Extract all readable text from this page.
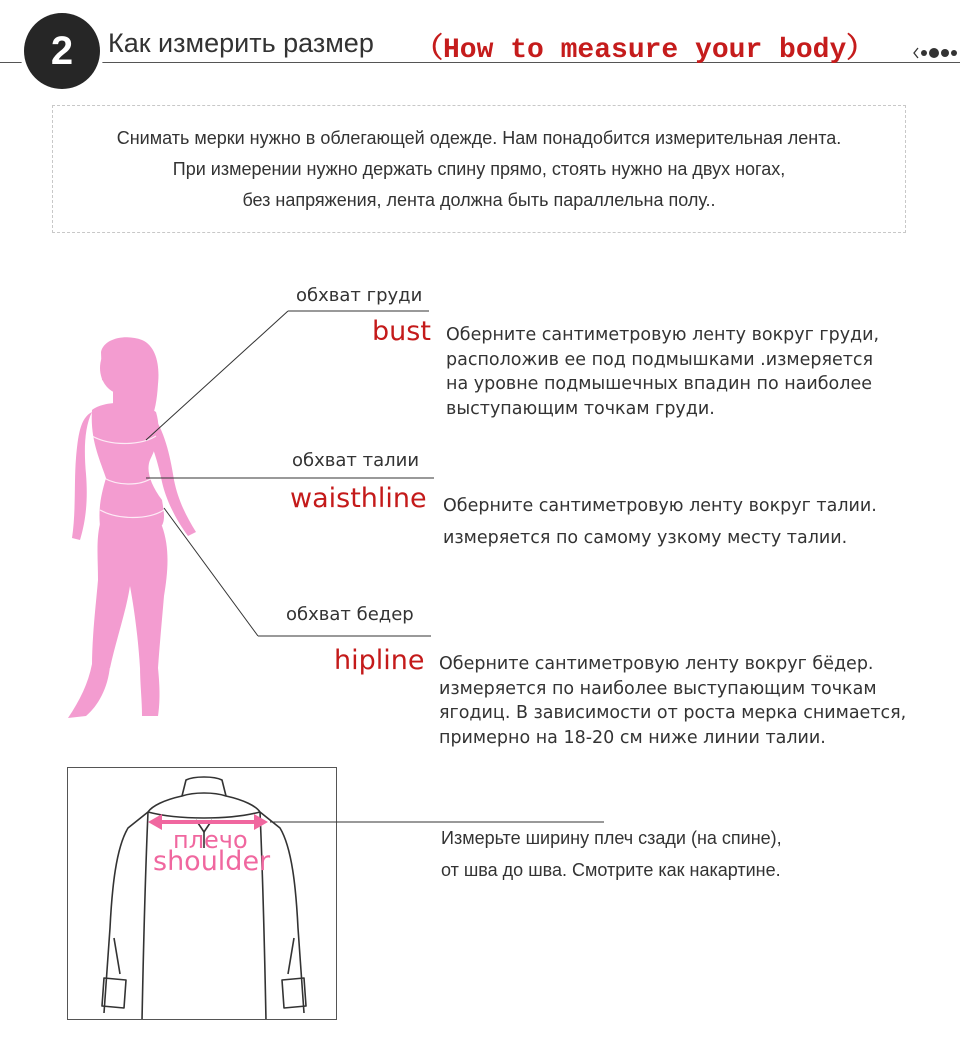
2	Как измерить размер （How to measure your body）
Снимать мерки нужно в облегающей одежде. Нам понадобится измерительная лента.
При измерении нужно держать спину прямо, стоять нужно на двух ногах,
без напряжения, лента должна быть параллельна полу..
обхват груди
bust Оберните сантиметровую ленту вокруг груди,
расположив ее под подмышками .измеряется
на уровне подмышечных впадин по наиболее
выступающим точкам груди.
обхват талии
waisthline Оберните сантиметровую ленту вокруг талии.
измеряется по самому узкому месту талии.
обхват бедер
hipline Оберните сантиметровую ленту вокруг бёдер.
измеряется по наиболее выступающим точкам
ягодиц. В зависимости от роста мерка снимается,
примерно на 18-20 см ниже линии талии.
плечо
shoulder
Измерьте ширину плеч сзади (на спине),
от шва до шва. Смотрите как накартине.
